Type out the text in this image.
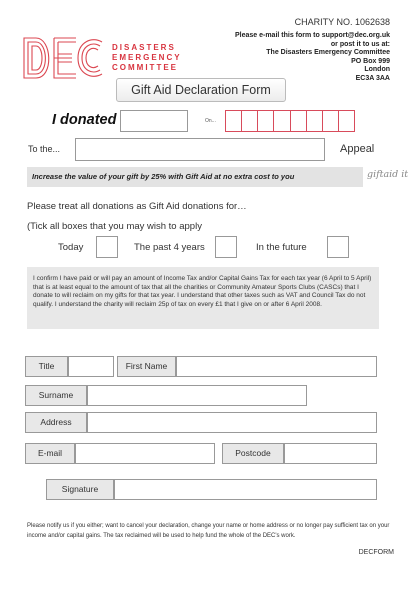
CHARITY NO. 1062638
Please e-mail this form to support@dec.org.uk
or post it to us at:
The Disasters Emergency Committee
PO Box 999
London
EC3A 3AA
DISASTERS
EMERGENCY
COMMITTEE
Gift Aid Declaration Form
I donated	On...
To the...	Appeal
Increase the value of your gift by 25% with Gift Aid at no extra cost to you	giftaid it
Please treat all donations as Gift Aid donations for…
(Tick all boxes that you may wish to apply
Today	The past 4 years	In the future
I confirm I have paid or will pay an amount of Income Tax and/or Capital Gains Tax for each tax year (6 April to 5 April) that is at least equal to the amount of tax that all the charities or Community Amateur Sports Clubs (CASCs) that I donate to will reclaim on my gifts for that tax year. I understand that other taxes such as VAT and Council Tax do not qualify. I understand the charity will reclaim 25p of tax on every £1 that I give on or after 6 April 2008.
Title	First Name
Surname
Address
E-mail	Postcode
Signature
Please notify us if you either; want to cancel your declaration, change your name or home address or no longer pay sufficient tax on your income and/or capital gains. The tax reclaimed will be used to help fund the whole of the DEC's work.
DECFORM
